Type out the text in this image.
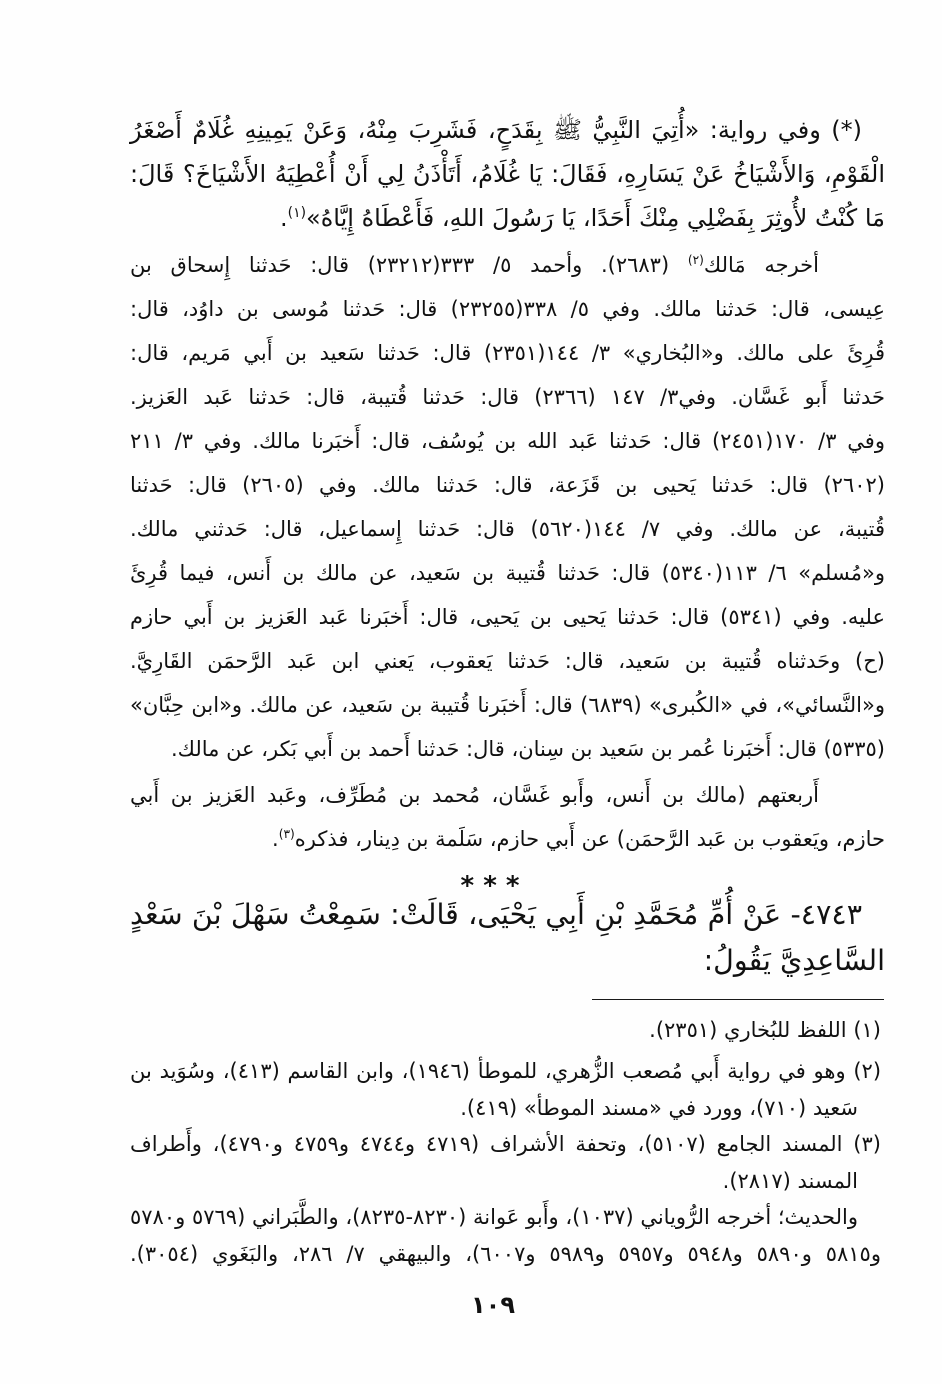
(*) وفي رواية: «أُتِيَ النَّبِيُّ ﷺ بِقَدَحٍ، فَشَرِبَ مِنْهُ، وَعَنْ يَمِينِهِ غُلَامٌ أَصْغَرُ
الْقَوْمِ، وَالأَشْيَاخُ عَنْ يَسَارِهِ، فَقَالَ: يَا غُلَامُ، أَتَأْذَنُ لِي أَنْ أُعْطِيَهُ الأَشْيَاخَ؟ قَالَ:
مَا كُنْتُ لأُوثِرَ بِفَضْلِي مِنْكَ أَحَدًا، يَا رَسُولَ اللهِ، فَأَعْطَاهُ إِيَّاهُ»$^{(١)}$.
أخرجه مَالك$^{(٢)}$ (٢٦٨٣). وأحمد ٥/ ٣٣٣(٢٣٢١٢) قال: حَدثنا إِسحاق بن
عِيسى، قال: حَدثنا مالك. وفي ٥/ ٣٣٨(٢٣٢٥٥) قال: حَدثنا مُوسى بن داوُد، قال:
قُرِئَ على مالك. و«البُخاري» ٣/ ١٤٤(٢٣٥١) قال: حَدثنا سَعيد بن أَبي مَريم، قال:
حَدثنا أَبو غَسَّان. وفي٣/ ١٤٧ (٢٣٦٦) قال: حَدثنا قُتيبة، قال: حَدثنا عَبد العَزيز.
وفي ٣/ ١٧٠(٢٤٥١) قال: حَدثنا عَبد الله بن يُوسُف، قال: أَخبَرنا مالك. وفي ٣/ ٢١١
(٢٦٠٢) قال: حَدثنا يَحيى بن قَزَعة، قال: حَدثنا مالك. وفي (٢٦٠٥) قال: حَدثنا
قُتيبة، عن مالك. وفي ٧/ ١٤٤(٥٦٢٠) قال: حَدثنا إِسماعيل، قال: حَدثني مالك.
و«مُسلم» ٦/ ١١٣(٥٣٤٠) قال: حَدثنا قُتيبة بن سَعيد، عن مالك بن أَنس، فيما قُرِئَ
عليه. وفي (٥٣٤١) قال: حَدثنا يَحيى بن يَحيى، قال: أَخبَرنا عَبد العَزيز بن أَبي حازم
(ح) وحَدثناه قُتيبة بن سَعيد، قال: حَدثنا يَعقوب، يَعني ابن عَبد الرَّحمَن القَارِيَّ.
و«النَّسائي»، في «الكُبرى» (٦٨٣٩) قال: أَخبَرنا قُتيبة بن سَعيد، عن مالك. و«ابن حِبَّان»
(٥٣٣٥) قال: أَخبَرنا عُمر بن سَعيد بن سِنان، قال: حَدثنا أَحمد بن أَبي بَكر، عن مالك.
أَربعتهم (مالك بن أَنس، وأَبو غَسَّان، مُحمد بن مُطَرِّف، وعَبد العَزيز بن أَبي
حازم، ويَعقوب بن عَبد الرَّحمَن) عن أَبي حازم، سَلَمة بن دِينار، فذكره$^{(٣)}$.
* * *
٤٧٤٣- عَنْ أُمِّ مُحَمَّدِ بْنِ أَبِي يَحْيَى، قَالَتْ: سَمِعْتُ سَهْلَ بْنَ سَعْدٍ
السَّاعِدِيَّ يَقُولُ:
(١) اللفظ للبُخاري (٢٣٥١).
(٢) وهو في رواية أَبي مُصعب الزُّهري، للموطأ (١٩٤٦)، وابن القاسم (٤١٣)، وسُوَيد بن
سَعيد (٧١٠)، وورد في «مسند الموطأ» (٤١٩).
(٣) المسند الجامع (٥١٠٧)، وتحفة الأشراف (٤٧١٩ و٤٧٤٤ و٤٧٥٩ و٤٧٩٠)، وأَطراف
المسند (٢٨١٧).
والحديث؛ أخرجه الرُّوياني (١٠٣٧)، وأَبو عَوانة (٨٢٣٠-٨٢٣٥)، والطَّبَراني (٥٧٦٩ و٥٧٨٠
و٥٨١٥ و٥٨٩٠ و٥٩٤٨ و٥٩٥٧ و٥٩٨٩ و٦٠٠٧)، والبيهقي ٧/ ٢٨٦، والبَغَوي (٣٠٥٤).
١٠٩
